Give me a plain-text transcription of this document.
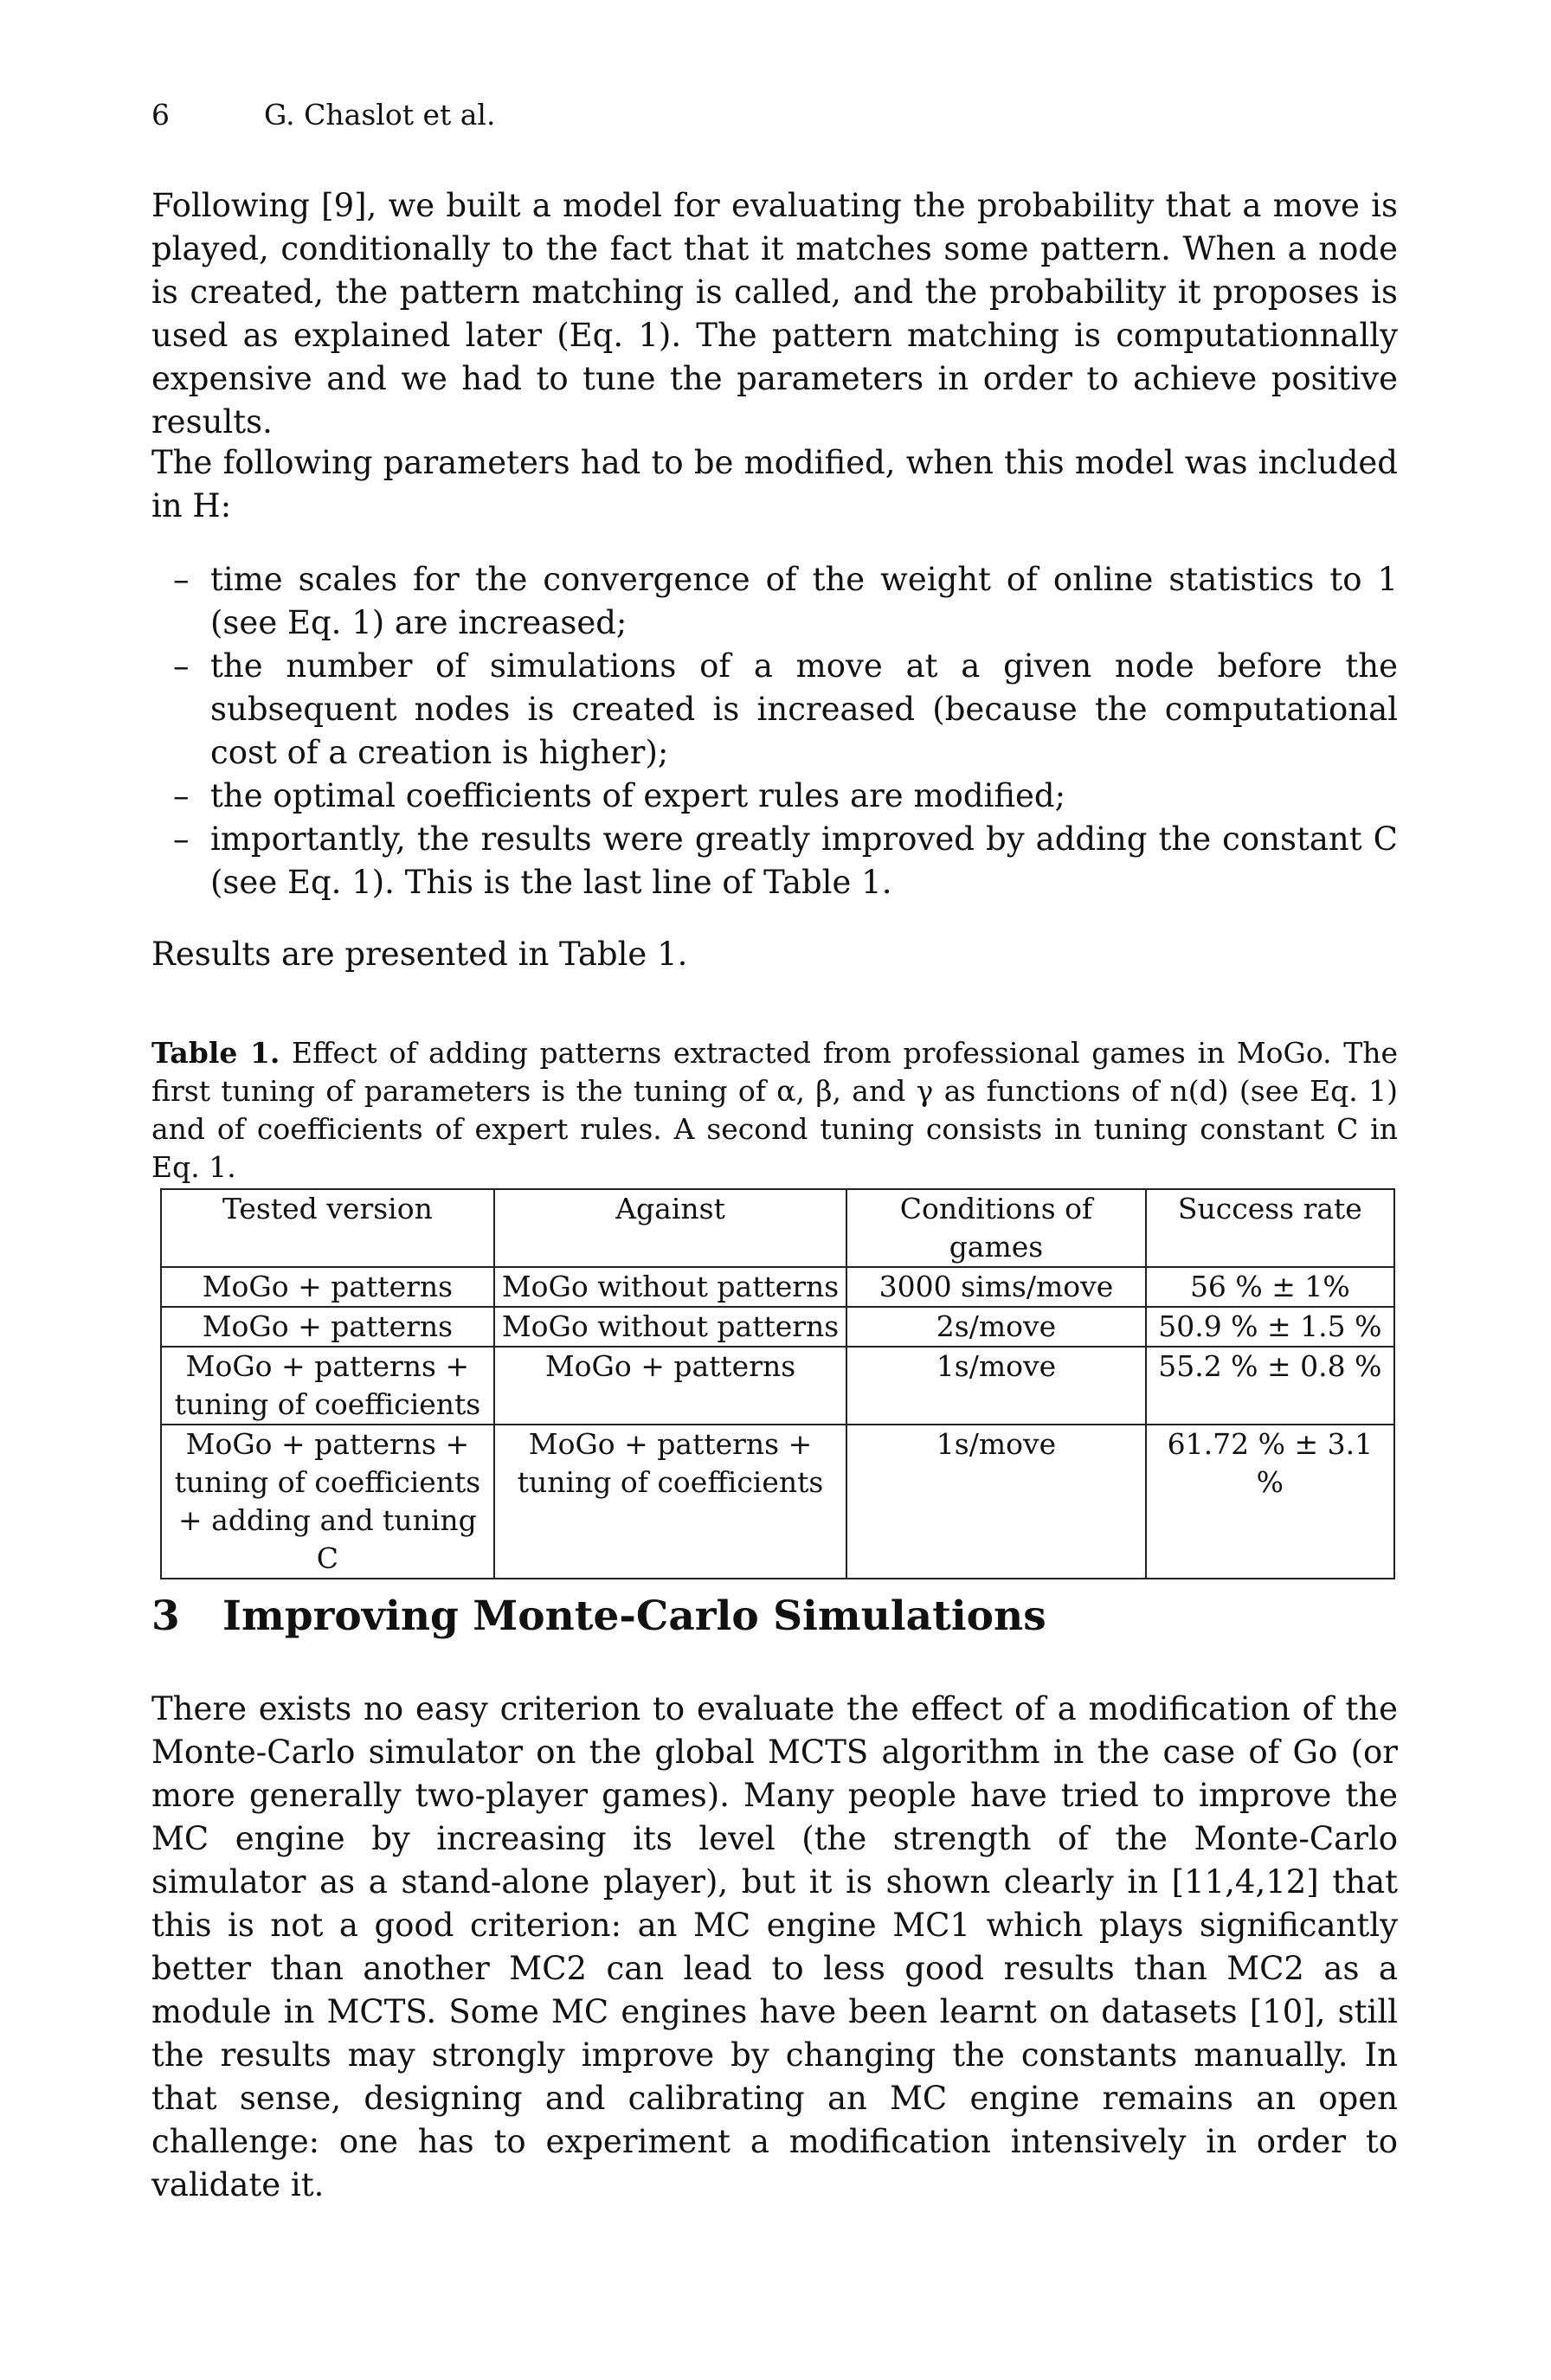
6	G. Chaslot et al.

Following [9], we built a model for evaluating the probability that a move is played, conditionally to the fact that it matches some pattern. When a node is created, the pattern matching is called, and the probability it proposes is used as explained later (Eq. 1). The pattern matching is computationnally expensive and we had to tune the parameters in order to achieve positive results.

The following parameters had to be modified, when this model was included in H:

– time scales for the convergence of the weight of online statistics to 1 (see Eq. 1) are increased;
– the number of simulations of a move at a given node before the subsequent nodes is created is increased (because the computational cost of a creation is higher);
– the optimal coefficients of expert rules are modified;
– importantly, the results were greatly improved by adding the constant C (see Eq. 1). This is the last line of Table 1.

Results are presented in Table 1.

Table 1. Effect of adding patterns extracted from professional games in MoGo. The first tuning of parameters is the tuning of α, β, and γ as functions of n(d) (see Eq. 1) and of coefficients of expert rules. A second tuning consists in tuning constant C in Eq. 1.

Tested version	Against	Conditions of games	Success rate
MoGo + patterns	MoGo without patterns	3000 sims/move	56 % ± 1%
MoGo + patterns	MoGo without patterns	2s/move	50.9 % ± 1.5 %
MoGo + patterns + tuning of coefficients	MoGo + patterns	1s/move	55.2 % ± 0.8 %
MoGo + patterns + tuning of coefficients + adding and tuning C	MoGo + patterns + tuning of coefficients	1s/move	61.72 % ± 3.1 %
3 Improving Monte-Carlo Simulations

There exists no easy criterion to evaluate the effect of a modification of the Monte-Carlo simulator on the global MCTS algorithm in the case of Go (or more generally two-player games). Many people have tried to improve the MC engine by increasing its level (the strength of the Monte-Carlo simulator as a stand-alone player), but it is shown clearly in [11,4,12] that this is not a good criterion: an MC engine MC1 which plays significantly better than another MC2 can lead to less good results than MC2 as a module in MCTS. Some MC engines have been learnt on datasets [10], still the results may strongly improve by changing the constants manually. In that sense, designing and calibrating an MC engine remains an open challenge: one has to experiment a modification intensively in order to validate it.
